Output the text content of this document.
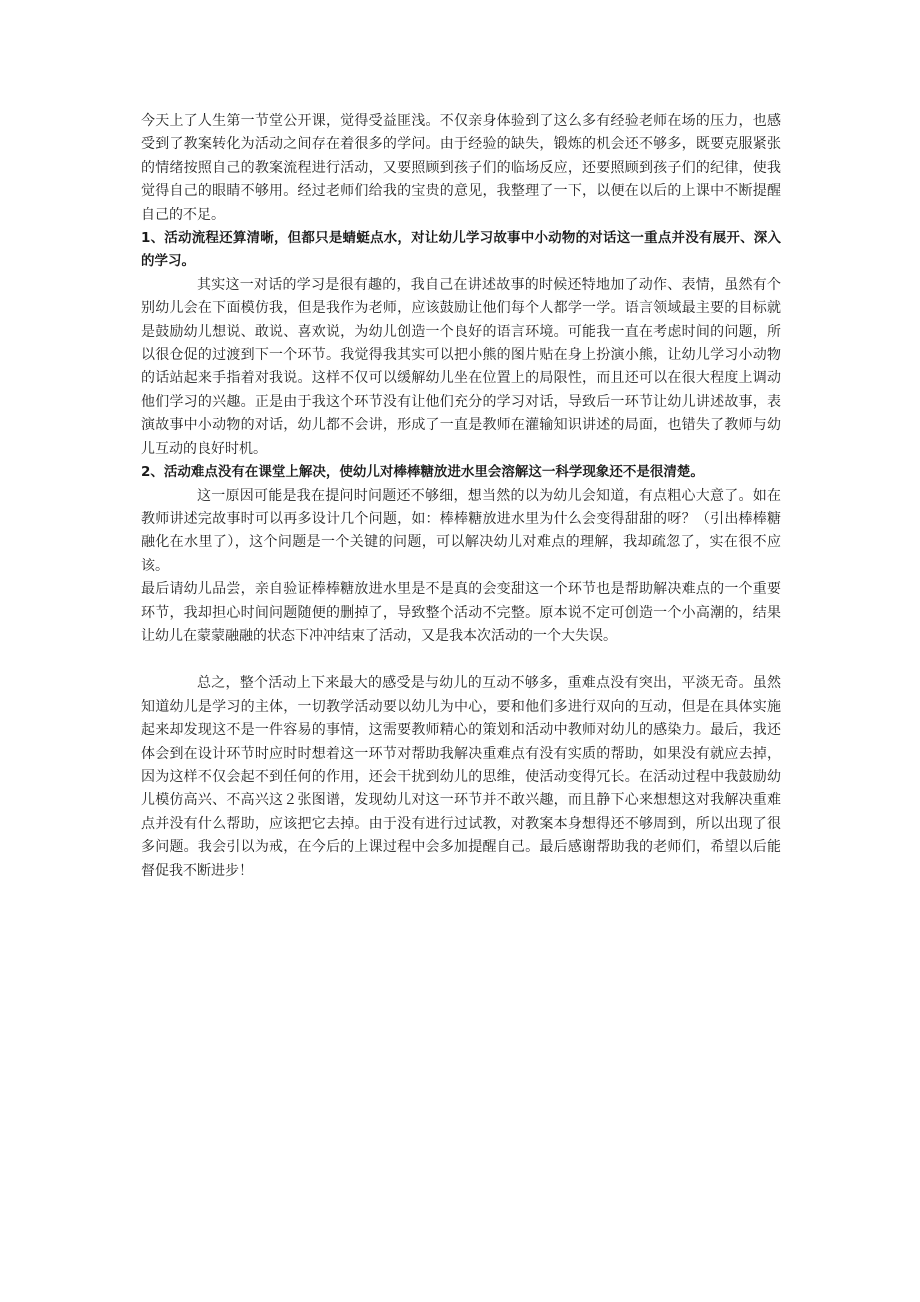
今天上了人生第一节堂公开课，觉得受益匪浅。不仅亲身体验到了这么多有经验老师在场的压力，也感受到了教案转化为活动之间存在着很多的学问。由于经验的缺失，锻炼的机会还不够多，既要克服紧张的情绪按照自己的教案流程进行活动，又要照顾到孩子们的临场反应，还要照顾到孩子们的纪律，使我觉得自己的眼睛不够用。经过老师们给我的宝贵的意见，我整理了一下，以便在以后的上课中不断提醒自己的不足。

1、活动流程还算清晰，但都只是蜻蜓点水，对让幼儿学习故事中小动物的对话这一重点并没有展开、深入的学习。

其实这一对话的学习是很有趣的，我自己在讲述故事的时候还特地加了动作、表情，虽然有个别幼儿会在下面模仿我，但是我作为老师，应该鼓励让他们每个人都学一学。语言领域最主要的目标就是鼓励幼儿想说、敢说、喜欢说，为幼儿创造一个良好的语言环境。可能我一直在考虑时间的问题，所以很仓促的过渡到下一个环节。我觉得我其实可以把小熊的图片贴在身上扮演小熊，让幼儿学习小动物的话站起来手指着对我说。这样不仅可以缓解幼儿坐在位置上的局限性，而且还可以在很大程度上调动他们学习的兴趣。正是由于我这个环节没有让他们充分的学习对话，导致后一环节让幼儿讲述故事，表演故事中小动物的对话，幼儿都不会讲，形成了一直是教师在灌输知识讲述的局面，也错失了教师与幼儿互动的良好时机。

2、活动难点没有在课堂上解决，使幼儿对棒棒糖放进水里会溶解这一科学现象还不是很清楚。

这一原因可能是我在提问时问题还不够细，想当然的以为幼儿会知道，有点粗心大意了。如在教师讲述完故事时可以再多设计几个问题，如：棒棒糖放进水里为什么会变得甜甜的呀？（引出棒棒糖融化在水里了），这个问题是一个关键的问题，可以解决幼儿对难点的理解，我却疏忽了，实在很不应该。

最后请幼儿品尝，亲自验证棒棒糖放进水里是不是真的会变甜这一个环节也是帮助解决难点的一个重要环节，我却担心时间问题随便的删掉了，导致整个活动不完整。原本说不定可创造一个小高潮的，结果让幼儿在蒙蒙融融的状态下冲冲结束了活动，又是我本次活动的一个大失误。

总之，整个活动上下来最大的感受是与幼儿的互动不够多，重难点没有突出，平淡无奇。虽然知道幼儿是学习的主体，一切教学活动要以幼儿为中心，要和他们多进行双向的互动，但是在具体实施起来却发现这不是一件容易的事情，这需要教师精心的策划和活动中教师对幼儿的感染力。最后，我还体会到在设计环节时应时时想着这一环节对帮助我解决重难点有没有实质的帮助，如果没有就应去掉，因为这样不仅会起不到任何的作用，还会干扰到幼儿的思维，使活动变得冗长。在活动过程中我鼓励幼儿模仿高兴、不高兴这２张图谱，发现幼儿对这一环节并不敢兴趣，而且静下心来想想这对我解决重难点并没有什么帮助，应该把它去掉。由于没有进行过试教，对教案本身想得还不够周到，所以出现了很多问题。我会引以为戒，在今后的上课过程中会多加提醒自己。最后感谢帮助我的老师们，希望以后能督促我不断进步！
